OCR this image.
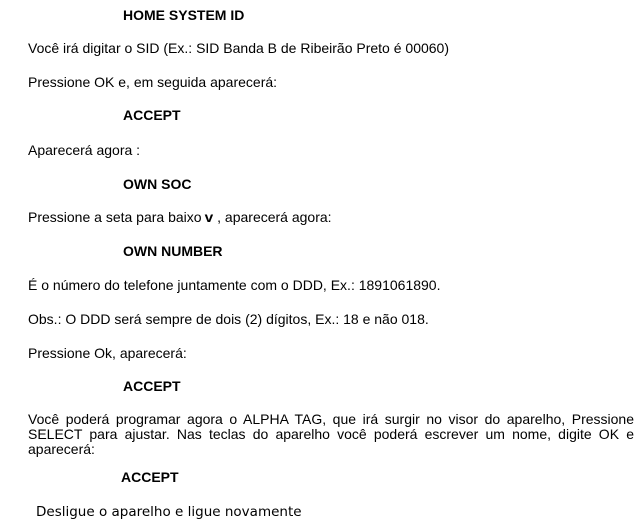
HOME SYSTEM ID
Você irá digitar o SID (Ex.: SID Banda B de Ribeirão Preto é 00060)
Pressione OK e, em seguida aparecerá:
ACCEPT
Aparecerá agora :
OWN SOC
Pressione a seta para baixo v , aparecerá agora:
OWN NUMBER
É o número do telefone juntamente com o DDD, Ex.: 1891061890.
Obs.: O DDD será sempre de dois (2) dígitos, Ex.: 18 e não 018.
Pressione Ok, aparecerá:
ACCEPT
Você poderá programar agora o ALPHA TAG, que irá surgir no visor do aparelho, Pressione SELECT para ajustar. Nas teclas do aparelho você poderá escrever um nome, digite OK e aparecerá:
ACCEPT
Desligue o aparelho e ligue novamente
